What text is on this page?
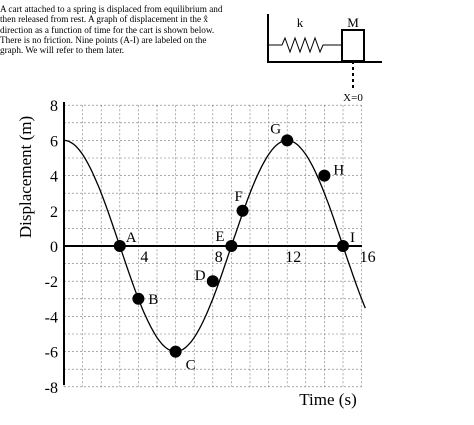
A cart attached to a spring is displaced from equilibrium and
then released from rest. A graph of displacement in the x̂
direction as a function of time for the cart is shown below.
There is no friction. Nine points (A-I) are labeled on the
graph. We will refer to them later.
k	M
X=0
8
6
4
2
0
-2
-4
-6
-8
4	8	12	16
A
B
C
D
E
F
G
H
I
Displacement (m)
Time (s)
